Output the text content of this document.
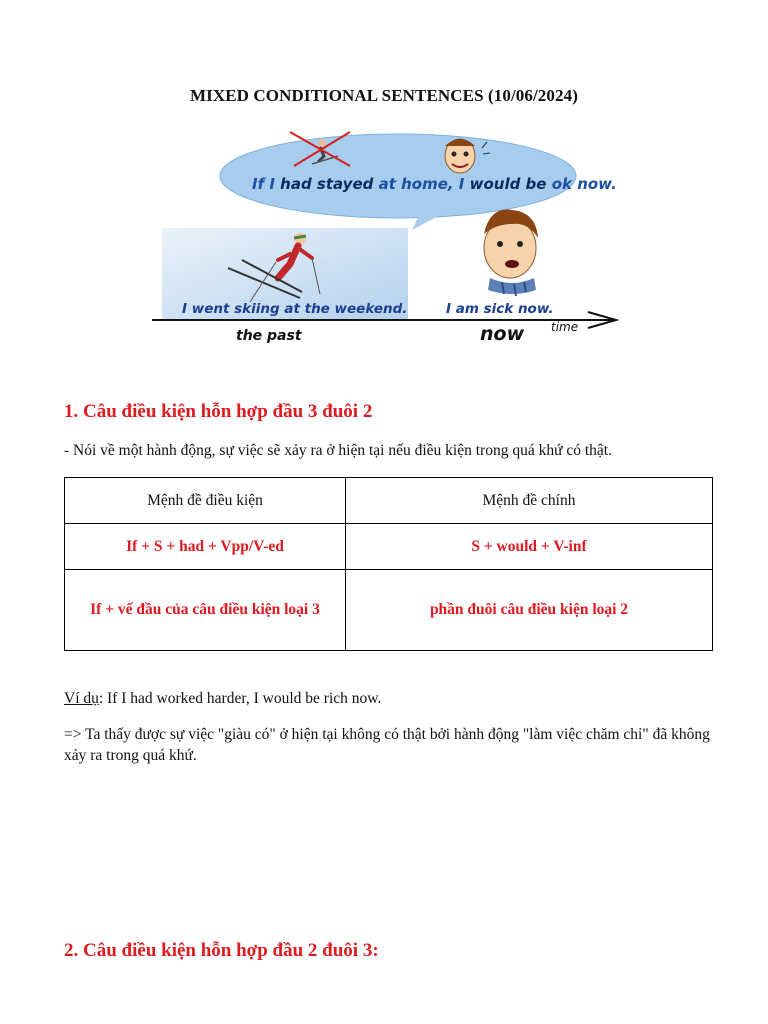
MIXED CONDITIONAL SENTENCES (10/06/2024)
If I had stayed at home, I would be ok now.
I went skiing at the weekend.	I am sick now.
the past	now time
1. Câu điều kiện hỗn hợp đầu 3 đuôi 2
- Nói về một hành động, sự việc sẽ xảy ra ở hiện tại nếu điều kiện trong quá khứ có thật.
Mệnh đề điều kiện	Mệnh đề chính
If + S + had + Vpp/V-ed	S + would + V-inf
If + vế đầu của câu điều kiện loại 3	phần đuôi câu điều kiện loại 2
Ví dụ: If I had worked harder, I would be rich now.
=> Ta thấy được sự việc "giàu có" ở hiện tại không có thật bởi hành động "làm việc chăm chỉ" đã không xảy ra trong quá khứ.
2. Câu điều kiện hỗn hợp đầu 2 đuôi 3:
